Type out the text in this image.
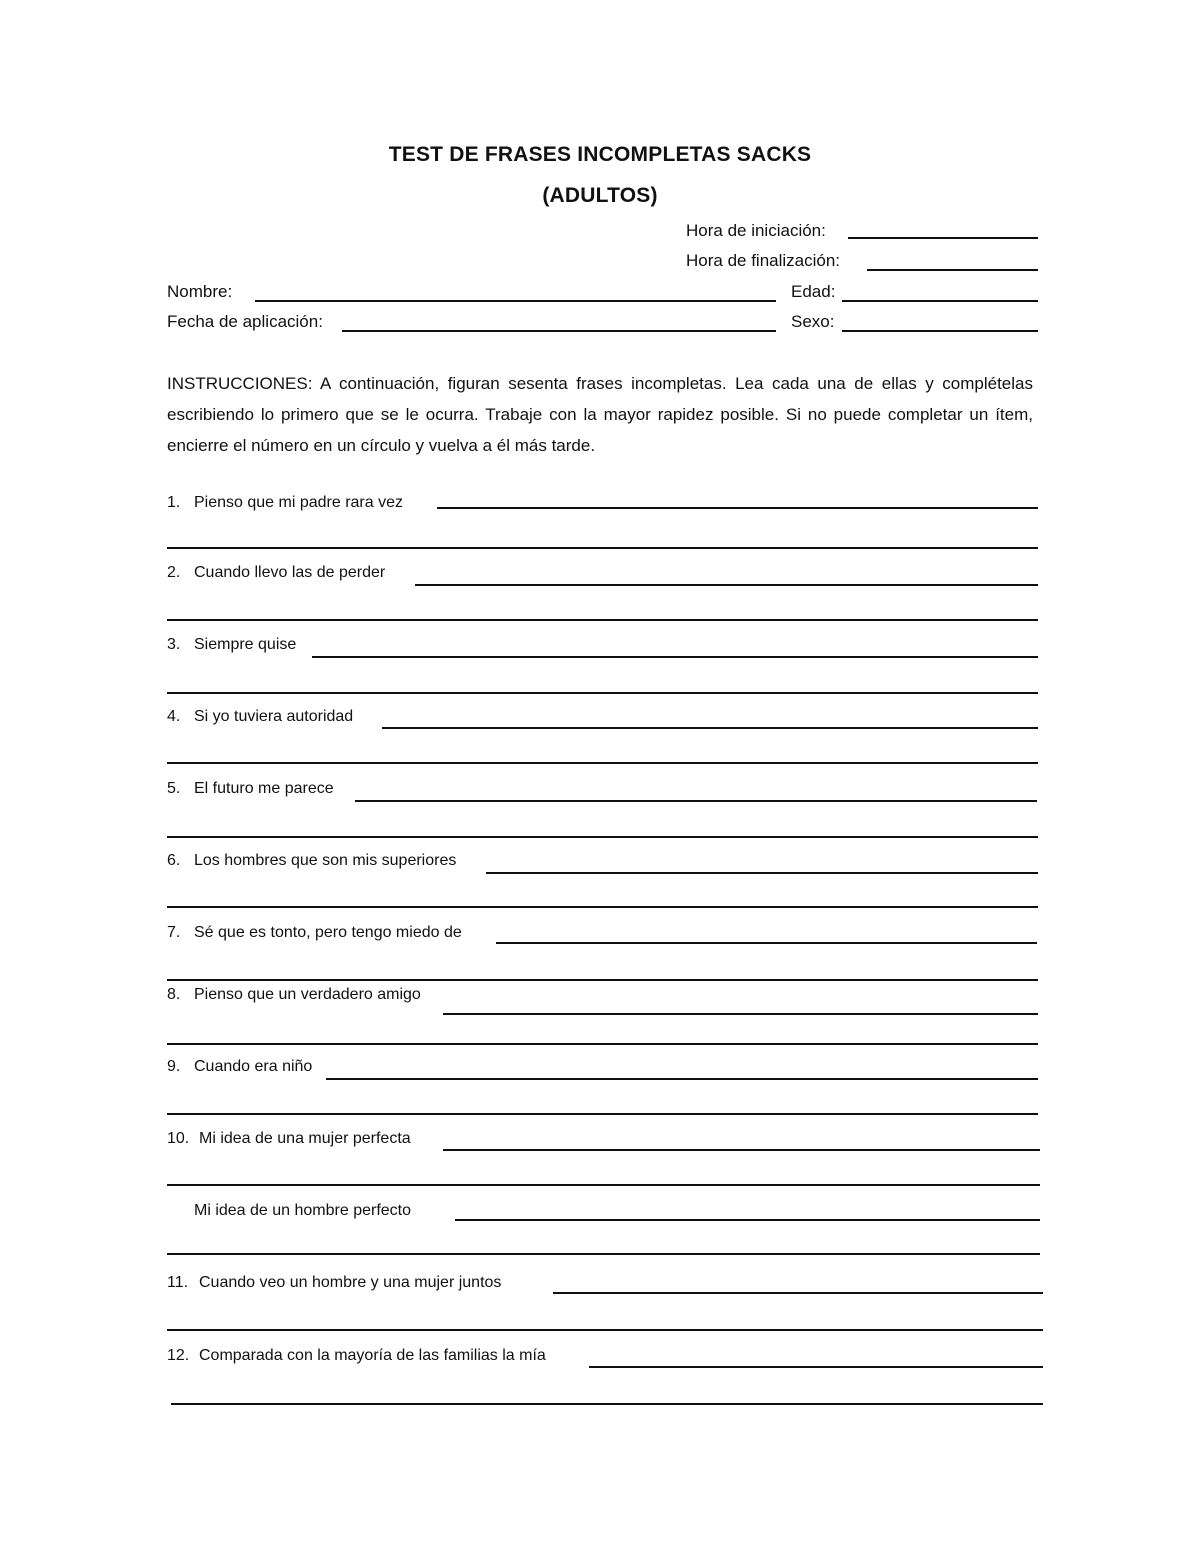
TEST DE FRASES INCOMPLETAS SACKS
(ADULTOS)
Hora de iniciación:
Hora de finalización:
Nombre:	Edad:
Fecha de aplicación:	Sexo:
INSTRUCCIONES: A continuación, figuran sesenta frases incompletas. Lea cada una de ellas y complételas escribiendo lo primero que se le ocurra. Trabaje con la mayor rapidez posible. Si no puede completar un ítem, encierre el número en un círculo y vuelva a él más tarde.
1. Pienso que mi padre rara vez
2. Cuando llevo las de perder
3. Siempre quise
4. Si yo tuviera autoridad
5. El futuro me parece
6. Los hombres que son mis superiores
7. Sé que es tonto, pero tengo miedo de
8. Pienso que un verdadero amigo
9. Cuando era niño
10. Mi idea de una mujer perfecta
Mi idea de un hombre perfecto
11. Cuando veo un hombre y una mujer juntos
12. Comparada con la mayoría de las familias la mía
